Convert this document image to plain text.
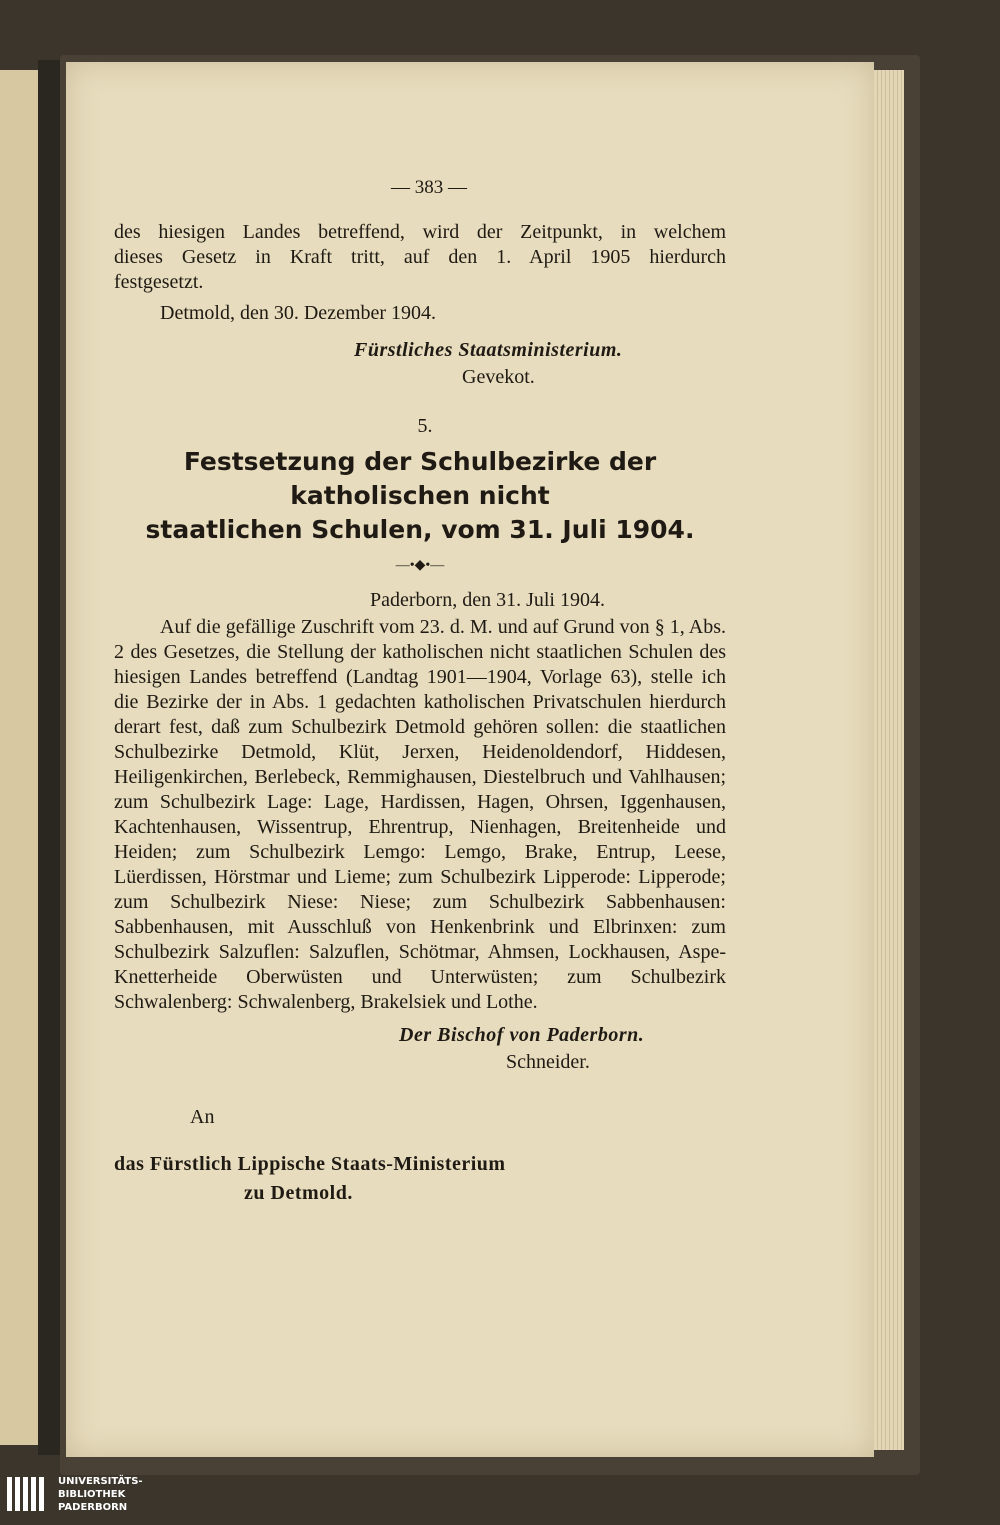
— 383 —
des hiesigen Landes betreffend, wird der Zeitpunkt, in welchem
dieses Gesetz in Kraft tritt, auf den 1. April 1905 hierdurch
festgesetzt.
Detmold, den 30. Dezember 1904.
Fürstliches Staatsministerium.
Gevekot.
5.
Festsetzung der Schulbezirke der katholischen nicht
staatlichen Schulen, vom 31. Juli 1904.
—•◆•—
Paderborn, den 31. Juli 1904.
Auf die gefällige Zuschrift vom 23. d. M. und auf Grund von § 1, Abs. 2 des Gesetzes, die Stellung der katholischen nicht staatlichen Schulen des hiesigen Landes betreffend (Landtag 1901—1904, Vorlage 63), stelle ich die Bezirke der in Abs. 1 gedachten katholischen Privatschulen hierdurch derart fest, daß zum Schulbezirk Detmold gehören sollen: die staatlichen Schulbezirke Detmold, Klüt, Jerxen, Heidenoldendorf, Hiddesen, Heiligenkirchen, Berlebeck, Remmighausen, Diestelbruch und Vahlhausen; zum Schulbezirk Lage: Lage, Hardissen, Hagen, Ohrsen, Iggenhausen, Kachtenhausen, Wissentrup, Ehrentrup, Nienhagen, Breitenheide und Heiden; zum Schulbezirk Lemgo: Lemgo, Brake, Entrup, Leese, Lüerdissen, Hörstmar und Lieme; zum Schulbezirk Lipperode: Lipperode; zum Schulbezirk Niese: Niese; zum Schulbezirk Sabbenhausen: Sabbenhausen, mit Ausschluß von Henkenbrink und Elbrinxen: zum Schulbezirk Salzuflen: Salzuflen, Schötmar, Ahmsen, Lockhausen, Aspe-Knetterheide Oberwüsten und Unterwüsten; zum Schulbezirk Schwalenberg: Schwalenberg, Brakelsiek und Lothe.
Der Bischof von Paderborn.
Schneider.
An
das Fürstlich Lippische Staats-Ministerium
zu Detmold.
UNIVERSITÄTS-
BIBLIOTHEK
PADERBORN
